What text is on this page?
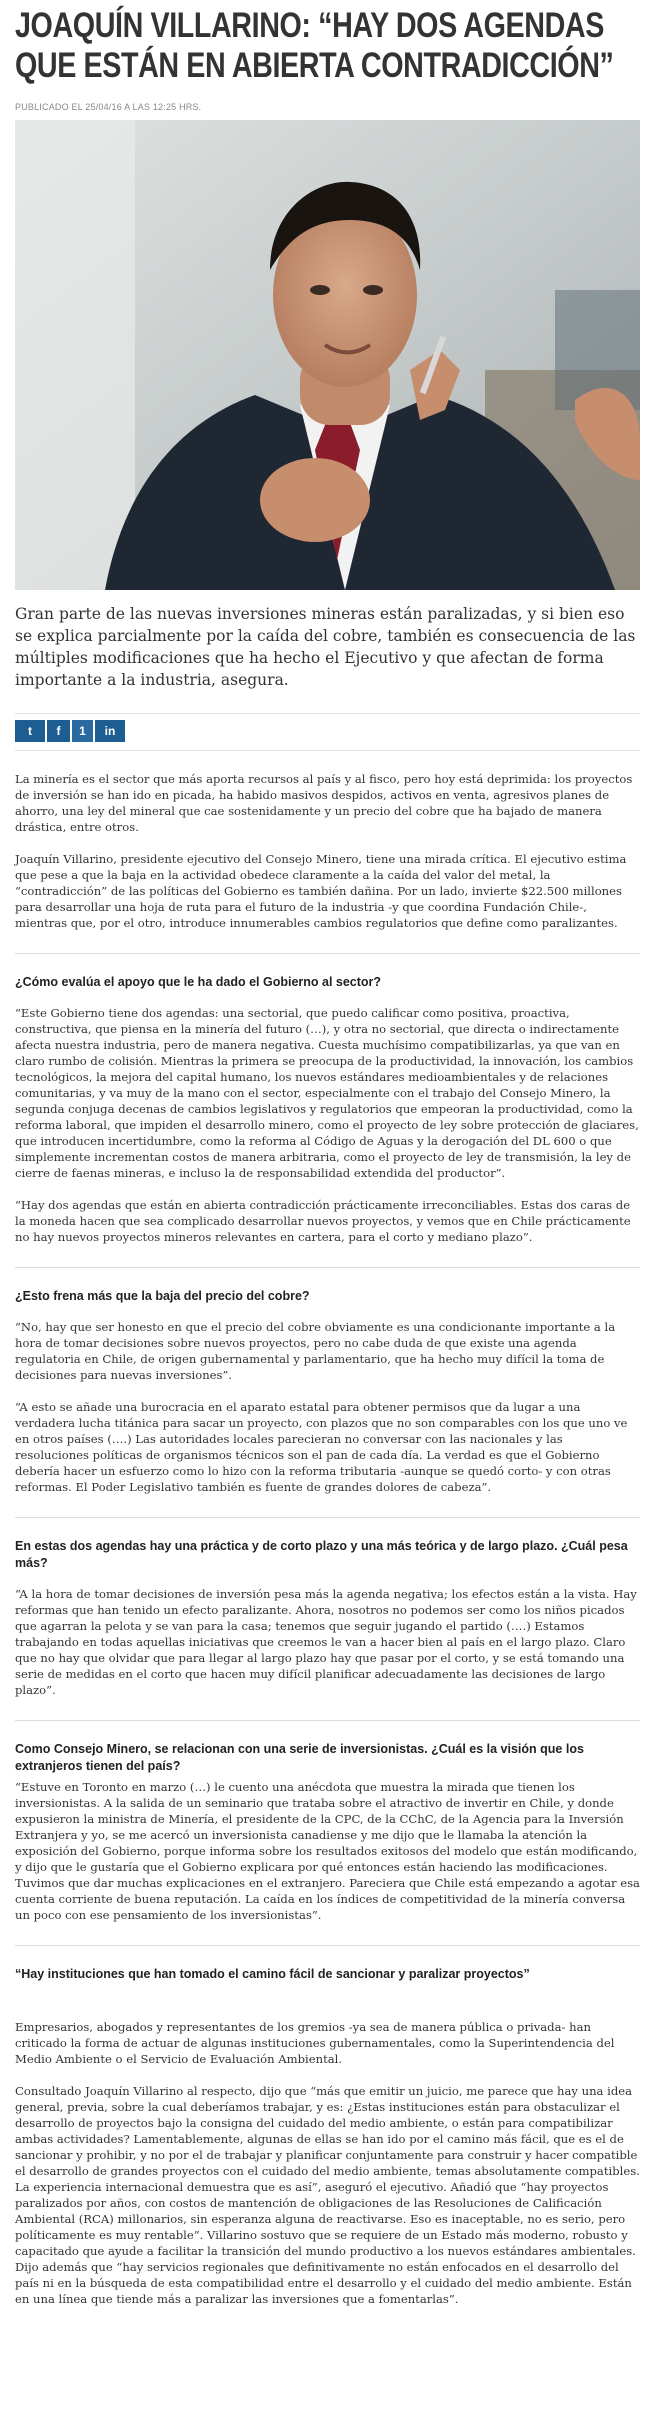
JOAQUÍN VILLARINO: “HAY DOS AGENDAS QUE ESTÁN EN ABIERTA CONTRADICCIÓN”
PUBLICADO EL 25/04/16 A LAS 12:25 HRS.

Gran parte de las nuevas inversiones mineras están paralizadas, y si bien eso se explica parcialmente por la caída del cobre, también es consecuencia de las múltiples modificaciones que ha hecho el Ejecutivo y que afectan de forma importante a la industria, asegura.

t f 1 in

La minería es el sector que más aporta recursos al país y al fisco, pero hoy está deprimida: los proyectos de inversión se han ido en picada, ha habido masivos despidos, activos en venta, agresivos planes de ahorro, una ley del mineral que cae sostenidamente y un precio del cobre que ha bajado de manera drástica, entre otros.

Joaquín Villarino, presidente ejecutivo del Consejo Minero, tiene una mirada crítica. El ejecutivo estima que pese a que la baja en la actividad obedece claramente a la caída del valor del metal, la “contradicción” de las políticas del Gobierno es también dañina. Por un lado, invierte $22.500 millones para desarrollar una hoja de ruta para el futuro de la industria -y que coordina Fundación Chile-, mientras que, por el otro, introduce innumerables cambios regulatorios que define como paralizantes.

¿Cómo evalúa el apoyo que le ha dado el Gobierno al sector?

“Este Gobierno tiene dos agendas: una sectorial, que puedo calificar como positiva, proactiva, constructiva, que piensa en la minería del futuro (…), y otra no sectorial, que directa o indirectamente afecta nuestra industria, pero de manera negativa. Cuesta muchísimo compatibilizarlas, ya que van en claro rumbo de colisión. Mientras la primera se preocupa de la productividad, la innovación, los cambios tecnológicos, la mejora del capital humano, los nuevos estándares medioambientales y de relaciones comunitarias, y va muy de la mano con el sector, especialmente con el trabajo del Consejo Minero, la segunda conjuga decenas de cambios legislativos y regulatorios que empeoran la productividad, como la reforma laboral, que impiden el desarrollo minero, como el proyecto de ley sobre protección de glaciares, que introducen incertidumbre, como la reforma al Código de Aguas y la derogación del DL 600 o que simplemente incrementan costos de manera arbitraria, como el proyecto de ley de transmisión, la ley de cierre de faenas mineras, e incluso la de responsabilidad extendida del productor”.

“Hay dos agendas que están en abierta contradicción prácticamente irreconciliables. Estas dos caras de la moneda hacen que sea complicado desarrollar nuevos proyectos, y vemos que en Chile prácticamente no hay nuevos proyectos mineros relevantes en cartera, para el corto y mediano plazo”.

¿Esto frena más que la baja del precio del cobre?

“No, hay que ser honesto en que el precio del cobre obviamente es una condicionante importante a la hora de tomar decisiones sobre nuevos proyectos, pero no cabe duda de que existe una agenda regulatoria en Chile, de origen gubernamental y parlamentario, que ha hecho muy difícil la toma de decisiones para nuevas inversiones”.

“A esto se añade una burocracia en el aparato estatal para obtener permisos que da lugar a una verdadera lucha titánica para sacar un proyecto, con plazos que no son comparables con los que uno ve en otros países (….) Las autoridades locales parecieran no conversar con las nacionales y las resoluciones políticas de organismos técnicos son el pan de cada día. La verdad es que el Gobierno debería hacer un esfuerzo como lo hizo con la reforma tributaria -aunque se quedó corto- y con otras reformas. El Poder Legislativo también es fuente de grandes dolores de cabeza”.

En estas dos agendas hay una práctica y de corto plazo y una más teórica y de largo plazo. ¿Cuál pesa más?

“A la hora de tomar decisiones de inversión pesa más la agenda negativa; los efectos están a la vista. Hay reformas que han tenido un efecto paralizante. Ahora, nosotros no podemos ser como los niños picados que agarran la pelota y se van para la casa; tenemos que seguir jugando el partido (….) Estamos trabajando en todas aquellas iniciativas que creemos le van a hacer bien al país en el largo plazo. Claro que no hay que olvidar que para llegar al largo plazo hay que pasar por el corto, y se está tomando una serie de medidas en el corto que hacen muy difícil planificar adecuadamente las decisiones de largo plazo”.

Como Consejo Minero, se relacionan con una serie de inversionistas. ¿Cuál es la visión que los extranjeros tienen del país?

“Estuve en Toronto en marzo (…) le cuento una anécdota que muestra la mirada que tienen los inversionistas. A la salida de un seminario que trataba sobre el atractivo de invertir en Chile, y donde expusieron la ministra de Minería, el presidente de la CPC, de la CChC, de la Agencia para la Inversión Extranjera y yo, se me acercó un inversionista canadiense y me dijo que le llamaba la atención la exposición del Gobierno, porque informa sobre los resultados exitosos del modelo que están modificando, y dijo que le gustaría que el Gobierno explicara por qué entonces están haciendo las modificaciones. Tuvimos que dar muchas explicaciones en el extranjero. Pareciera que Chile está empezando a agotar esa cuenta corriente de buena reputación. La caída en los índices de competitividad de la minería conversa un poco con ese pensamiento de los inversionistas”.

“Hay instituciones que han tomado el camino fácil de sancionar y paralizar proyectos”

Empresarios, abogados y representantes de los gremios -ya sea de manera pública o privada- han criticado la forma de actuar de algunas instituciones gubernamentales, como la Superintendencia del Medio Ambiente o el Servicio de Evaluación Ambiental.

Consultado Joaquín Villarino al respecto, dijo que “más que emitir un juicio, me parece que hay una idea general, previa, sobre la cual deberíamos trabajar, y es: ¿Estas instituciones están para obstaculizar el desarrollo de proyectos bajo la consigna del cuidado del medio ambiente, o están para compatibilizar ambas actividades? Lamentablemente, algunas de ellas se han ido por el camino más fácil, que es el de sancionar y prohibir, y no por el de trabajar y planificar conjuntamente para construir y hacer compatible el desarrollo de grandes proyectos con el cuidado del medio ambiente, temas absolutamente compatibles. La experiencia internacional demuestra que es así”, aseguró el ejecutivo. Añadió que “hay proyectos paralizados por años, con costos de mantención de obligaciones de las Resoluciones de Calificación Ambiental (RCA) millonarios, sin esperanza alguna de reactivarse. Eso es inaceptable, no es serio, pero políticamente es muy rentable”. Villarino sostuvo que se requiere de un Estado más moderno, robusto y capacitado que ayude a facilitar la transición del mundo productivo a los nuevos estándares ambientales. Dijo además que “hay servicios regionales que definitivamente no están enfocados en el desarrollo del país ni en la búsqueda de esta compatibilidad entre el desarrollo y el cuidado del medio ambiente. Están en una línea que tiende más a paralizar las inversiones que a fomentarlas”.
